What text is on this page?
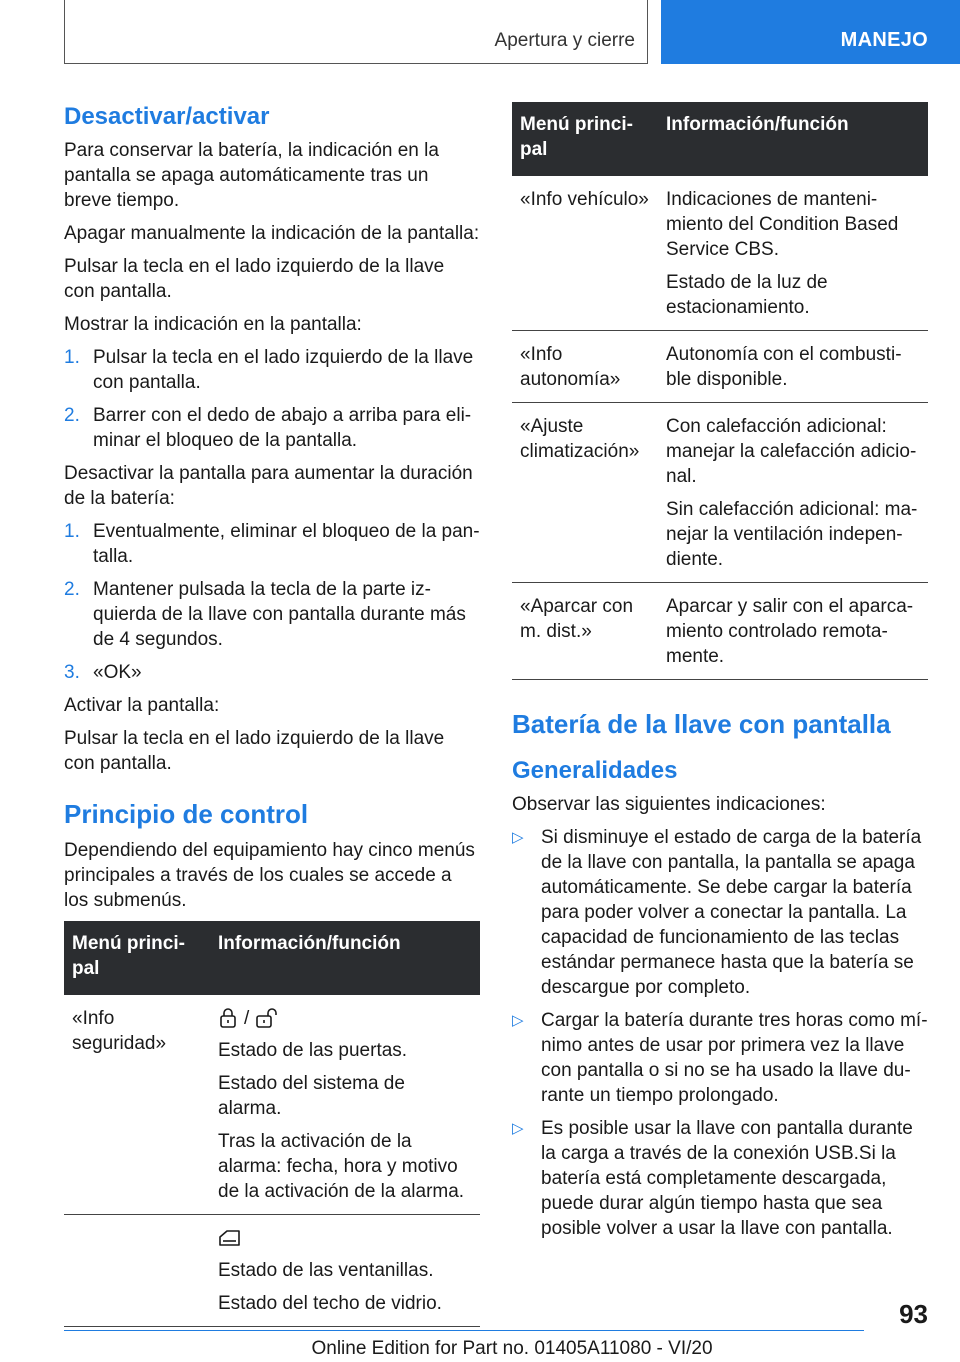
Apertura y cierre	MANEJO
Desactivar/activar

Para conservar la batería, la indicación en la pantalla se apaga automáticamente tras un breve tiempo.

Apagar manualmente la indicación de la pantalla:

Pulsar la tecla en el lado izquierdo de la llave con pantalla.

Mostrar la indicación en la pantalla:

1. Pulsar la tecla en el lado izquierdo de la llave con pantalla.
2. Barrer con el dedo de abajo a arriba para eliminar el bloqueo de la pantalla.

Desactivar la pantalla para aumentar la duración de la batería:

1. Eventualmente, eliminar el bloqueo de la pantalla.
2. Mantener pulsada la tecla de la parte izquierda de la llave con pantalla durante más de 4 segundos.
3. «OK»

Activar la pantalla:

Pulsar la tecla en el lado izquierdo de la llave con pantalla.

Principio de control

Dependiendo del equipamiento hay cinco menús principales a través de los cuales se accede a los submenús.

Menú principal	Información/función
«Info seguridad»	/

Estado de las puertas.

Estado del sistema de alarma.

Tras la activación de la alarma: fecha, hora y motivo de la activación de la alarma.

	Estado de las ventanillas.

Estado del techo de vidrio.

Menú principal	Información/función
«Info vehículo»	Indicaciones de mantenimiento del Condition Based Service CBS.

Estado de la luz de estacionamiento.

«Info autonomía»	Autonomía con el combustible disponible.

«Ajuste climatización»	Con calefacción adicional: manejar la calefacción adicional.

Sin calefacción adicional: manejar la ventilación independiente.

«Aparcar con m. dist.»	Aparcar y salir con el aparcamiento controlado remotamente.

Batería de la llave con pantalla
Generalidades

Observar las siguientes indicaciones:

▷ Si disminuye el estado de carga de la batería de la llave con pantalla, la pantalla se apaga automáticamente. Se debe cargar la batería para poder volver a conectar la pantalla. La capacidad de funcionamiento de las teclas estándar permanece hasta que la batería se descargue por completo.
▷ Cargar la batería durante tres horas como mínimo antes de usar por primera vez la llave con pantalla o si no se ha usado la llave durante un tiempo prolongado.
▷ Es posible usar la llave con pantalla durante la carga a través de la conexión USB.Si la batería está completamente descargada, puede durar algún tiempo hasta que sea posible volver a usar la llave con pantalla.
93
Online Edition for Part no. 01405A11080 - VI/20
